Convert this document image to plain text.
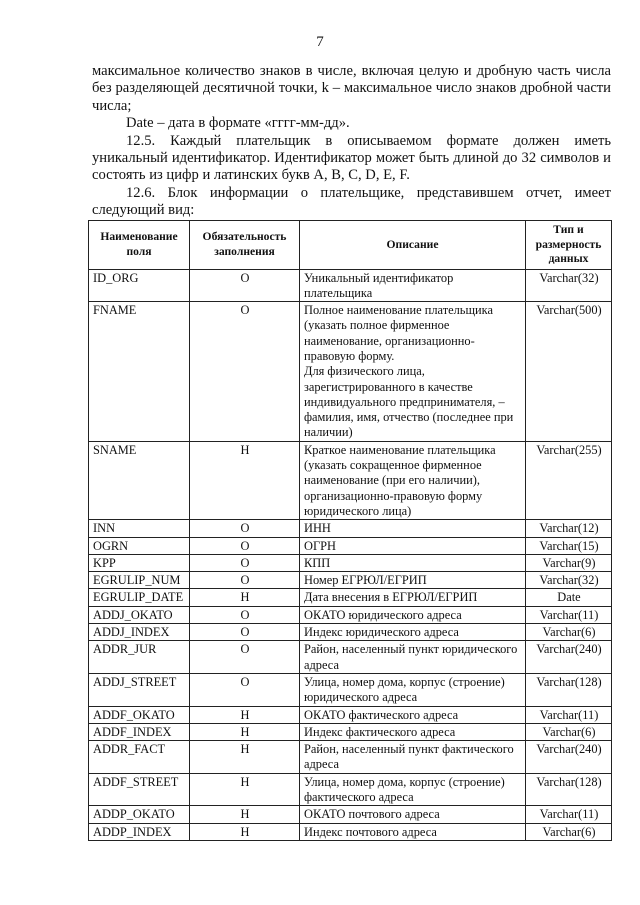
7

максимальное количество знаков в числе, включая целую и дробную часть числа без разделяющей десятичной точки, k – максимальное число знаков дробной части числа;

Date – дата в формате «гггг-мм-дд».

12.5. Каждый плательщик в описываемом формате должен иметь уникальный идентификатор. Идентификатор может быть длиной до 32 символов и состоять из цифр и латинских букв A, B, C, D, E, F.

12.6. Блок информации о плательщике, представившем отчет, имеет следующий вид:

Наименование поля	Обязательность заполнения	Описание	Тип и размерность данных
ID_ORG	О	Уникальный идентификатор плательщика	Varchar(32)
FNAME	О	Полное наименование плательщика (указать полное фирменное наименование, организационно-правовую форму.
Для физического лица, зарегистрированного в качестве индивидуального предпринимателя, – фамилия, имя, отчество (последнее при наличии)	Varchar(500)
SNAME	Н	Краткое наименование плательщика (указать сокращенное фирменное наименование (при его наличии), организационно-правовую форму юридического лица)	Varchar(255)
INN	О	ИНН	Varchar(12)
OGRN	О	ОГРН	Varchar(15)
KPP	О	КПП	Varchar(9)
EGRULIP_NUM	О	Номер ЕГРЮЛ/ЕГРИП	Varchar(32)
EGRULIP_DATE	Н	Дата внесения в ЕГРЮЛ/ЕГРИП	Date
ADDJ_OKATO	О	ОКАТО юридического адреса	Varchar(11)
ADDJ_INDEX	О	Индекс юридического адреса	Varchar(6)
ADDR_JUR	О	Район, населенный пункт юридического адреса	Varchar(240)
ADDJ_STREET	О	Улица, номер дома, корпус (строение) юридического адреса	Varchar(128)
ADDF_OKATO	Н	ОКАТО фактического адреса	Varchar(11)
ADDF_INDEX	Н	Индекс фактического адреса	Varchar(6)
ADDR_FACT	Н	Район, населенный пункт фактического адреса	Varchar(240)
ADDF_STREET	Н	Улица, номер дома, корпус (строение) фактического адреса	Varchar(128)
ADDP_OKATO	Н	ОКАТО почтового адреса	Varchar(11)
ADDP_INDEX	Н	Индекс почтового адреса	Varchar(6)
